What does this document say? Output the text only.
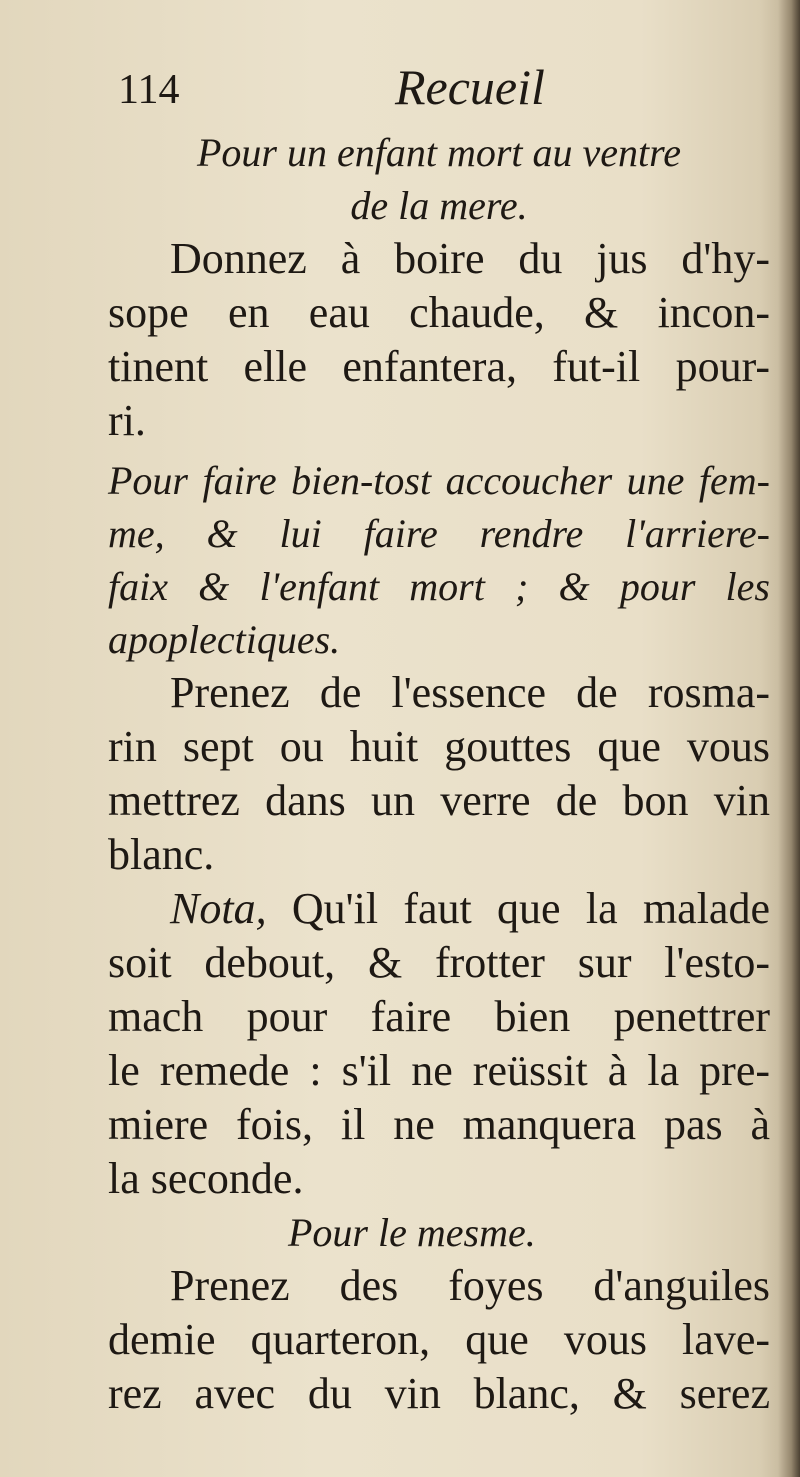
114	Recueil
Pour un enfant mort au ventre
de la mere.
Donnez à boire du jus d'hy-
sope en eau chaude, & incon-
tinent elle enfantera, fut-il pour-
ri.
Pour faire bien-tost accoucher une fem-
me, & lui faire rendre l'arriere-
faix & l'enfant mort ; & pour les
apoplectiques.
Prenez de l'essence de rosma-
rin sept ou huit gouttes que vous
mettrez dans un verre de bon vin
blanc.
Nota, Qu'il faut que la malade
soit debout, & frotter sur l'esto-
mach pour faire bien penettrer
le remede : s'il ne reüssit à la pre-
miere fois, il ne manquera pas à
la seconde.
Pour le mesme.
Prenez des foyes d'anguiles
demie quarteron, que vous lave-
rez avec du vin blanc, & serez
